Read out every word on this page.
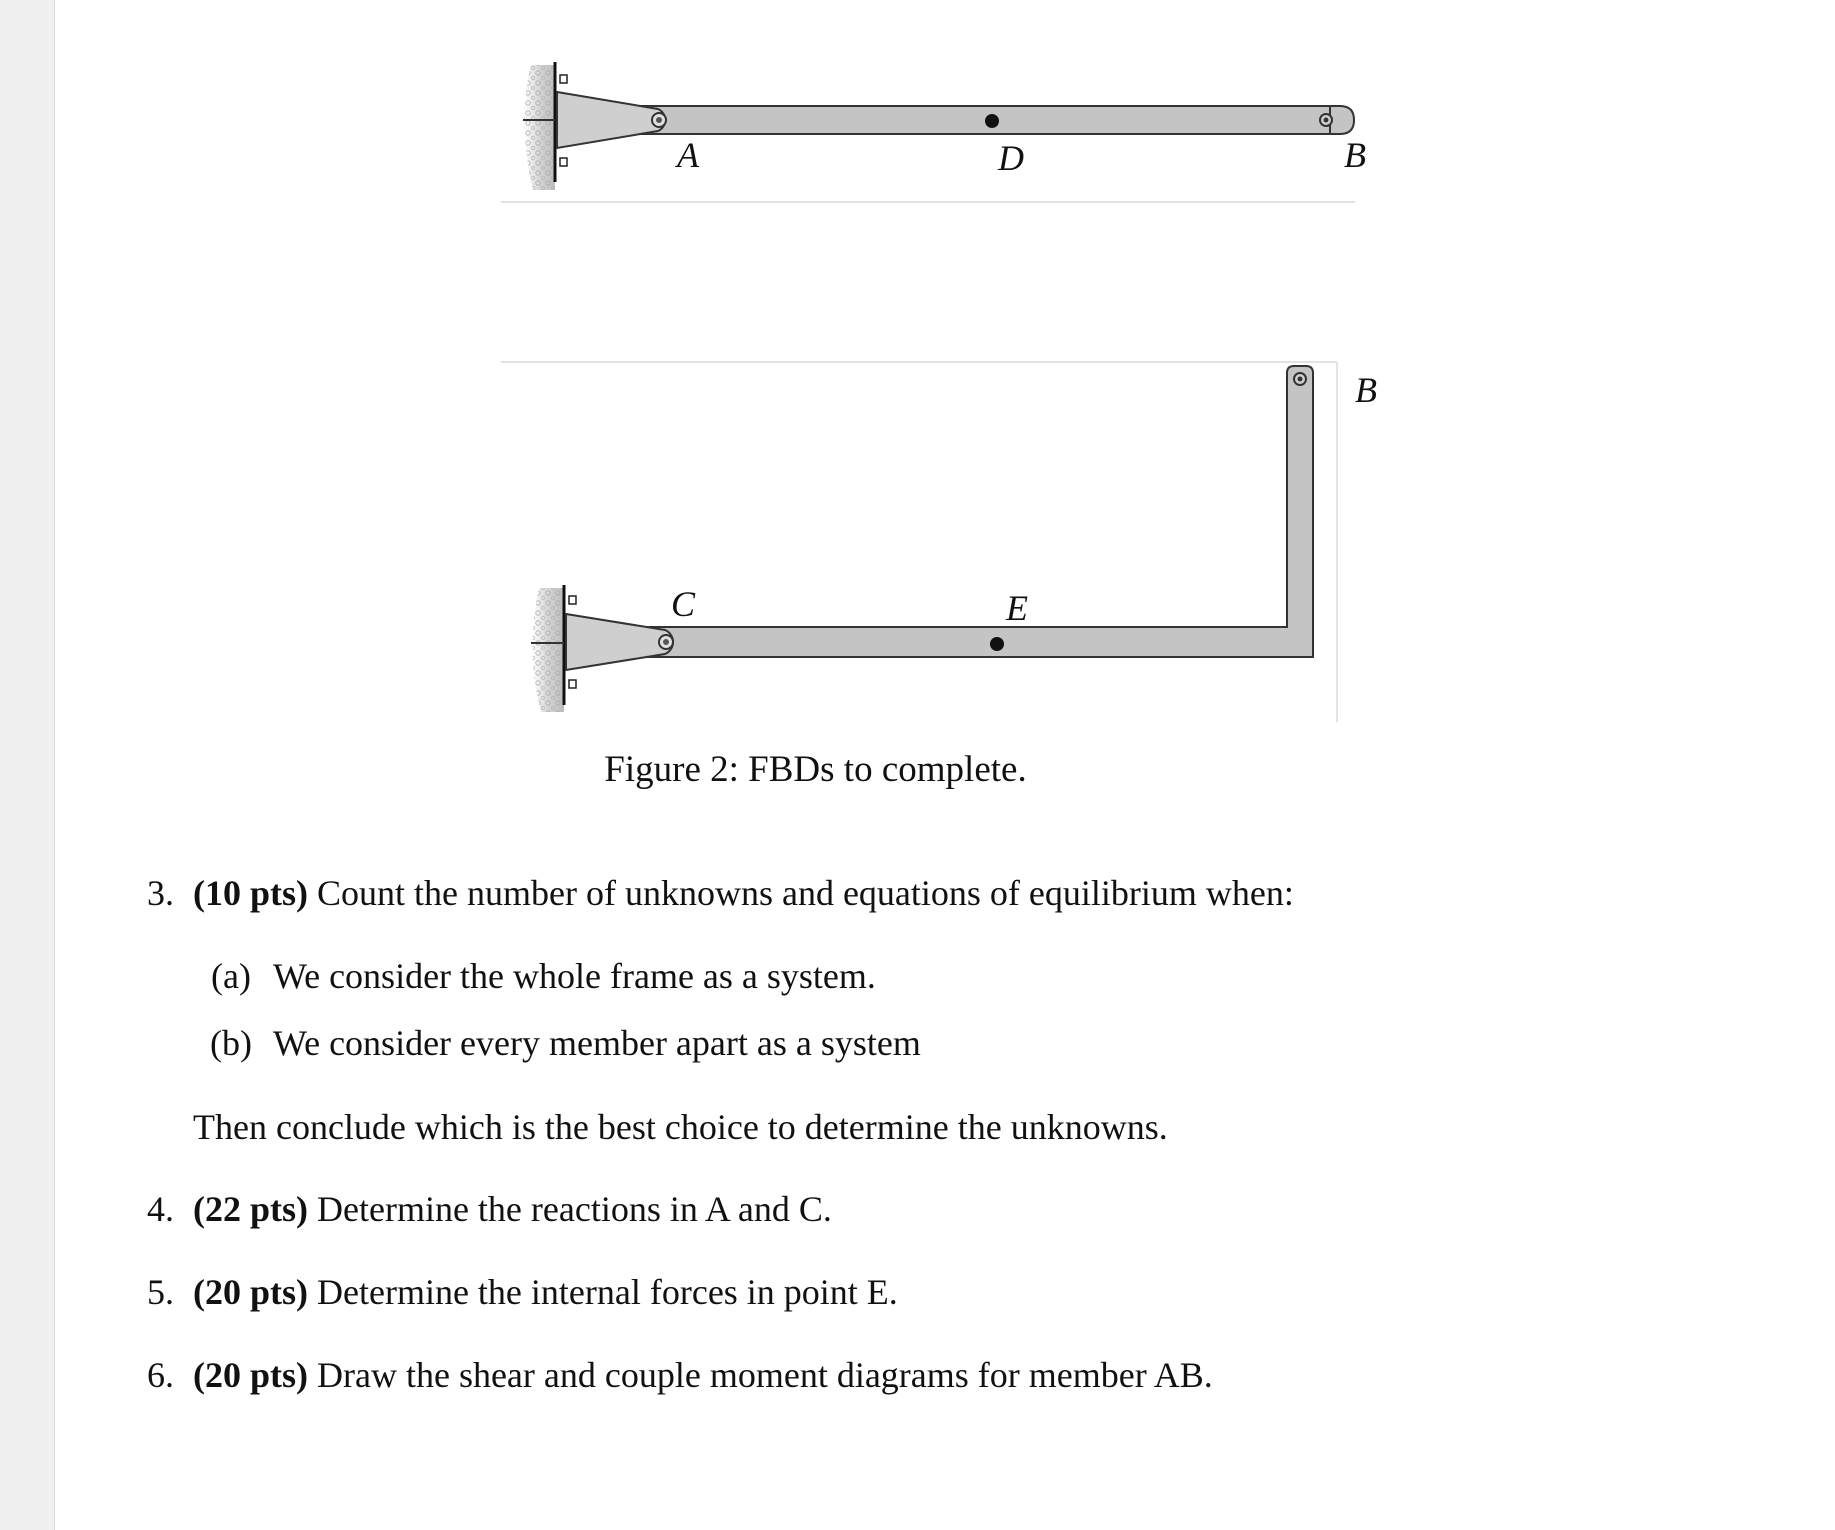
A	D	B
C	E
B
Figure 2: FBDs to complete.
3. (10 pts) Count the number of unknowns and equations of equilibrium when:
(a) We consider the whole frame as a system.
(b) We consider every member apart as a system
Then conclude which is the best choice to determine the unknowns.
4. (22 pts) Determine the reactions in A and C.
5. (20 pts) Determine the internal forces in point E.
6. (20 pts) Draw the shear and couple moment diagrams for member AB.
